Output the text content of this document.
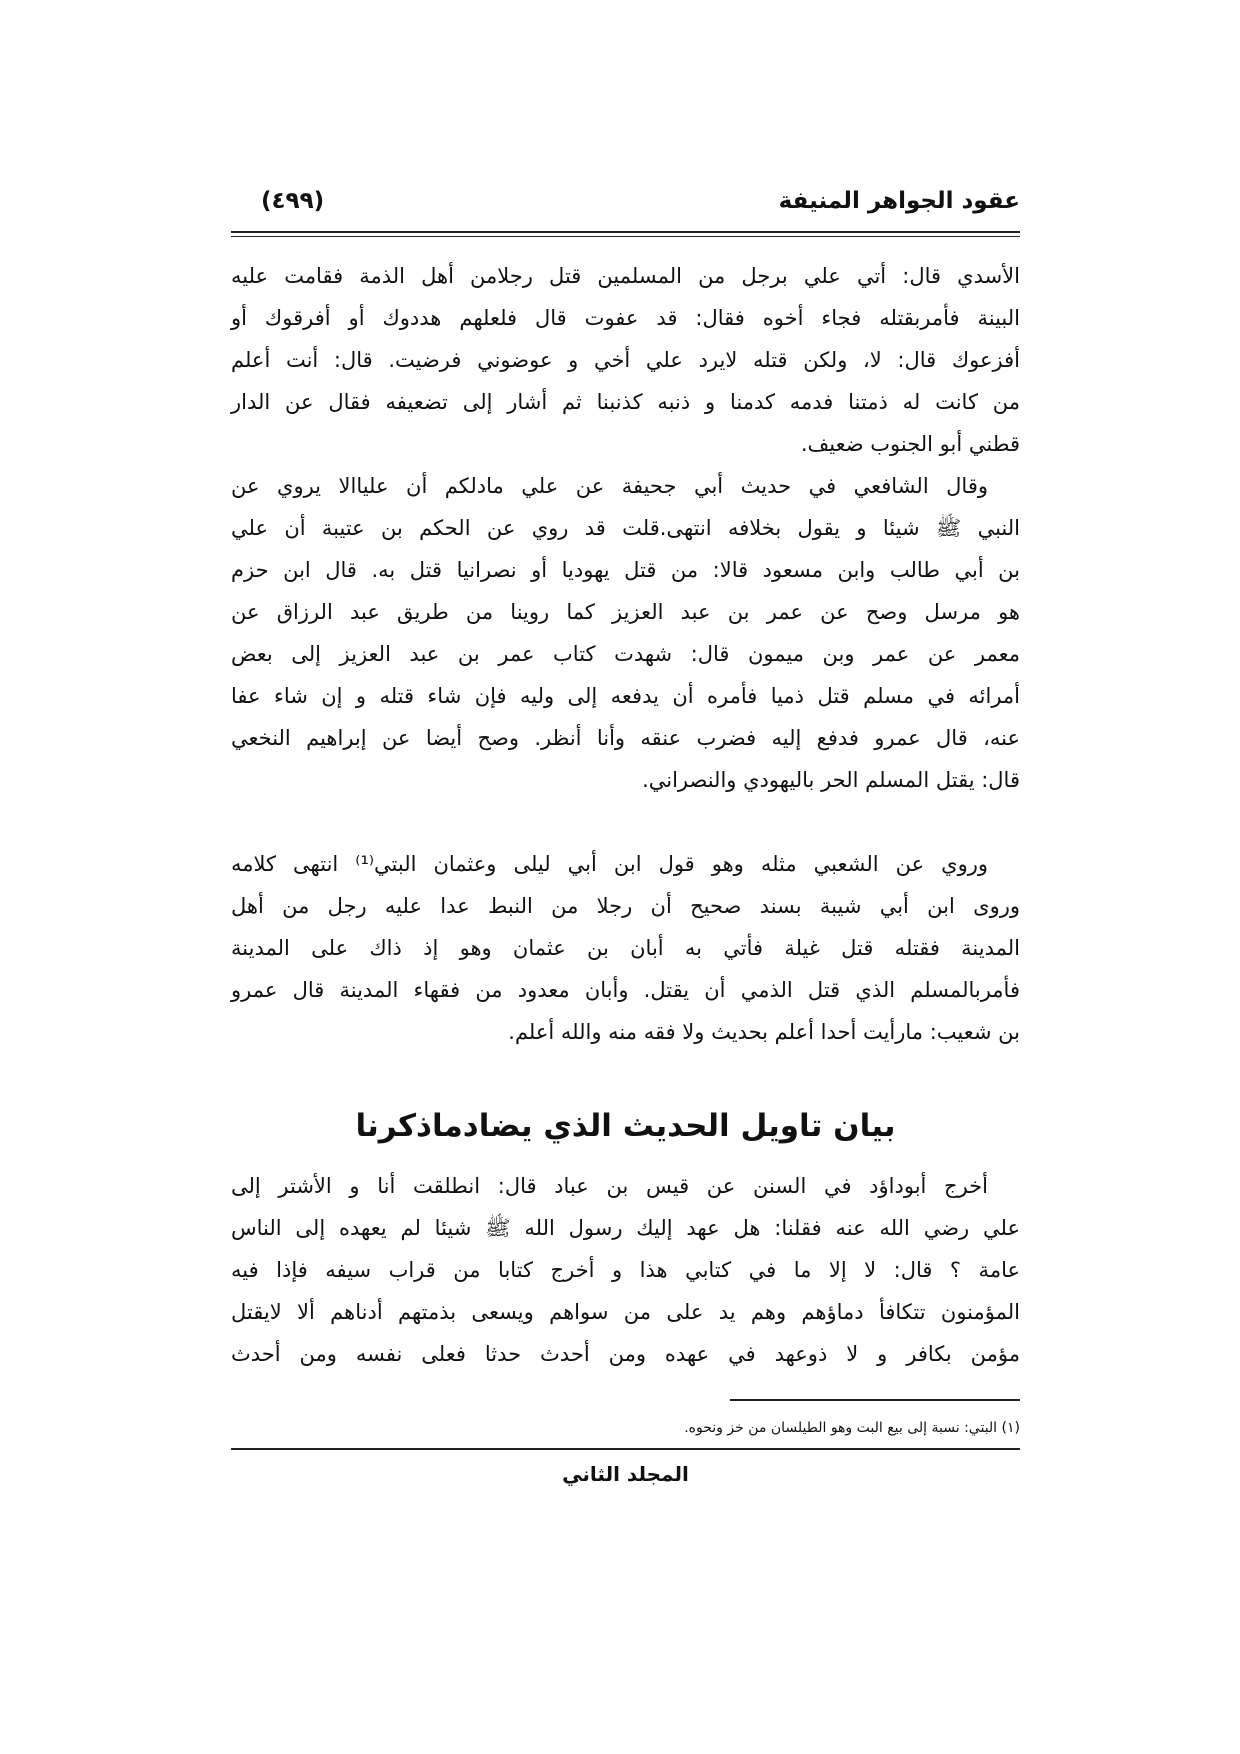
عقود الجواهر المنيفة
(٤٩٩)
الأسدي قال: أتي علي برجل من المسلمين قتل رجلامن أهل الذمة فقامت عليه
البينة فأمربقتله فجاء أخوه فقال: قد عفوت قال فلعلهم هددوك أو أفرقوك أو
أفزعوك قال: لا، ولكن قتله لايرد علي أخي و عوضوني فرضيت. قال: أنت أعلم
من كانت له ذمتنا فدمه كدمنا و ذنبه كذنبنا ثم أشار إلى تضعيفه فقال عن الدار
قطني أبو الجنوب ضعيف.
وقال الشافعي في حديث أبي جحيفة عن علي مادلكم أن علياالا يروي عن
النبي ﷺ شيئا و يقول بخلافه انتهى.قلت قد روي عن الحكم بن عتيبة أن علي
بن أبي طالب وابن مسعود قالا: من قتل يهوديا أو نصرانيا قتل به. قال ابن حزم
هو مرسل وصح عن عمر بن عبد العزيز كما روينا من طريق عبد الرزاق عن
معمر عن عمر وبن ميمون قال: شهدت كتاب عمر بن عبد العزيز إلى بعض
أمرائه في مسلم قتل ذميا فأمره أن يدفعه إلى وليه فإن شاء قتله و إن شاء عفا
عنه، قال عمرو فدفع إليه فضرب عنقه وأنا أنظر. وصح أيضا عن إبراهيم النخعي
قال: يقتل المسلم الحر باليهودي والنصراني.
وروي عن الشعبي مثله وهو قول ابن أبي ليلى وعثمان البتي⁽¹⁾ انتهى كلامه
وروى ابن أبي شيبة بسند صحيح أن رجلا من النبط عدا عليه رجل من أهل
المدينة فقتله قتل غيلة فأتي به أبان بن عثمان وهو إذ ذاك على المدينة
فأمربالمسلم الذي قتل الذمي أن يقتل. وأبان معدود من فقهاء المدينة قال عمرو
بن شعيب: مارأيت أحدا أعلم بحديث ولا فقه منه والله أعلم.
أخرج أبوداؤد في السنن عن قيس بن عباد قال: انطلقت أنا و الأشتر إلى
علي رضي الله عنه فقلنا: هل عهد إليك رسول الله ﷺ شيئا لم يعهده إلى الناس
عامة ؟ قال: لا إلا ما في كتابي هذا و أخرج كتابا من قراب سيفه فإذا فيه
المؤمنون تتكافأ دماؤهم وهم يد على من سواهم ويسعى بذمتهم أدناهم ألا لايقتل
مؤمن بكافر و لا ذوعهد في عهده ومن أحدث حدثا فعلى نفسه ومن أحدث
بيان تاويل الحديث الذي يضادماذكرنا
(١) البتي: نسبة إلى بيع البت وهو الطيلسان من خز ونحوه.
المجلد الثاني
